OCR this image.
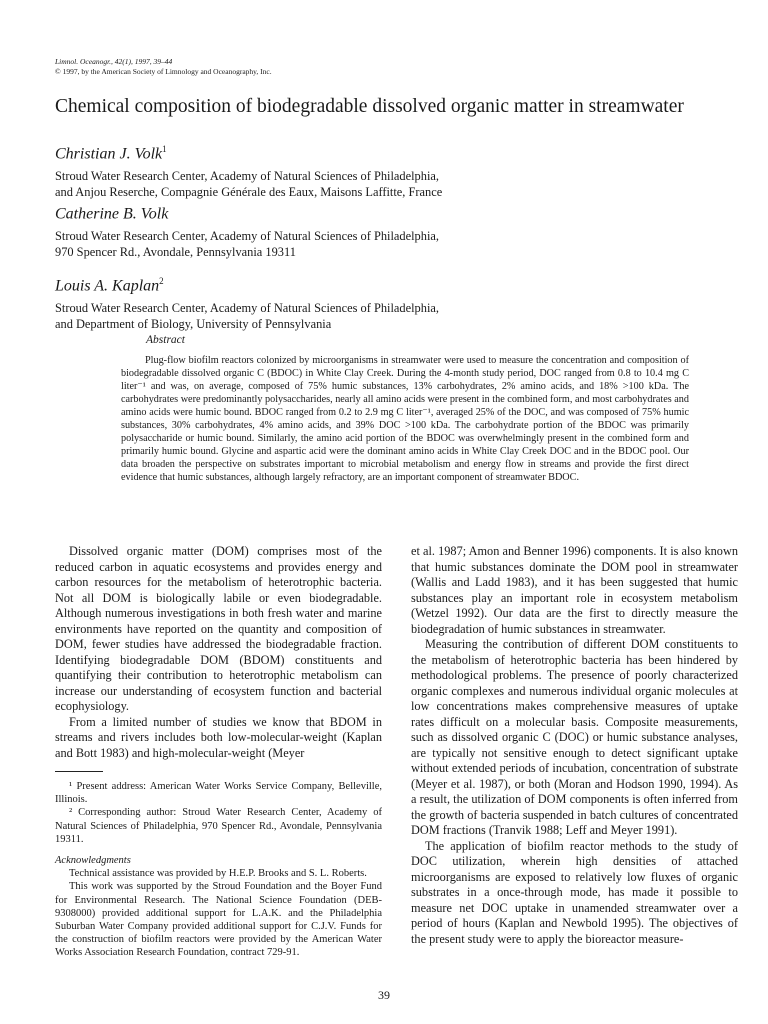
Limnol. Oceanogr., 42(1), 1997, 39–44
© 1997, by the American Society of Limnology and Oceanography, Inc.
Chemical composition of biodegradable dissolved organic matter in streamwater
Christian J. Volk$^1$
Stroud Water Research Center, Academy of Natural Sciences of Philadelphia,
and Anjou Reserche, Compagnie Générale des Eaux, Maisons Laffitte, France
Catherine B. Volk
Stroud Water Research Center, Academy of Natural Sciences of Philadelphia,
970 Spencer Rd., Avondale, Pennsylvania 19311
Louis A. Kaplan$^2$
Stroud Water Research Center, Academy of Natural Sciences of Philadelphia,
and Department of Biology, University of Pennsylvania
Abstract

Plug-flow biofilm reactors colonized by microorganisms in streamwater were used to measure the concentration and composition of biodegradable dissolved organic C (BDOC) in White Clay Creek. During the 4-month study period, DOC ranged from 0.8 to 10.4 mg C liter⁻¹ and was, on average, composed of 75% humic substances, 13% carbohydrates, 2% amino acids, and 18% >100 kDa. The carbohydrates were predominantly polysaccharides, nearly all amino acids were present in the combined form, and most carbohydrates and amino acids were humic bound. BDOC ranged from 0.2 to 2.9 mg C liter⁻¹, averaged 25% of the DOC, and was composed of 75% humic substances, 30% carbohydrates, 4% amino acids, and 39% DOC >100 kDa. The carbohydrate portion of the BDOC was primarily polysaccharide or humic bound. Similarly, the amino acid portion of the BDOC was overwhelmingly present in the combined form and primarily humic bound. Glycine and aspartic acid were the dominant amino acids in White Clay Creek DOC and in the BDOC pool. Our data broaden the perspective on substrates important to microbial metabolism and energy flow in streams and provide the first direct evidence that humic substances, although largely refractory, are an important component of streamwater BDOC.

Dissolved organic matter (DOM) comprises most of the reduced carbon in aquatic ecosystems and provides energy and carbon resources for the metabolism of heterotrophic bacteria. Not all DOM is biologically labile or even biodegradable. Although numerous investigations in both fresh water and marine environments have reported on the quantity and composition of DOM, fewer studies have addressed the biodegradable fraction. Identifying biodegradable DOM (BDOM) constituents and quantifying their contribution to heterotrophic metabolism can increase our understanding of ecosystem function and bacterial ecophysiology.

From a limited number of studies we know that BDOM in streams and rivers includes both low-molecular-weight (Kaplan and Bott 1983) and high-molecular-weight (Meyer

¹ Present address: American Water Works Service Company, Belleville, Illinois.

² Corresponding author: Stroud Water Research Center, Academy of Natural Sciences of Philadelphia, 970 Spencer Rd., Avondale, Pennsylvania 19311.

Acknowledgments

Technical assistance was provided by H.E.P. Brooks and S. L. Roberts.

This work was supported by the Stroud Foundation and the Boyer Fund for Environmental Research. The National Science Foundation (DEB-9308000) provided additional support for L.A.K. and the Philadelphia Suburban Water Company provided additional support for C.J.V. Funds for the construction of biofilm reactors were provided by the American Water Works Association Research Foundation, contract 729-91.

et al. 1987; Amon and Benner 1996) components. It is also known that humic substances dominate the DOM pool in streamwater (Wallis and Ladd 1983), and it has been suggested that humic substances play an important role in ecosystem metabolism (Wetzel 1992). Our data are the first to directly measure the biodegradation of humic substances in streamwater.

Measuring the contribution of different DOM constituents to the metabolism of heterotrophic bacteria has been hindered by methodological problems. The presence of poorly characterized organic complexes and numerous individual organic molecules at low concentrations makes comprehensive measures of uptake rates difficult on a molecular basis. Composite measurements, such as dissolved organic C (DOC) or humic substance analyses, are typically not sensitive enough to detect significant uptake without extended periods of incubation, concentration of substrate (Meyer et al. 1987), or both (Moran and Hodson 1990, 1994). As a result, the utilization of DOM components is often inferred from the growth of bacteria suspended in batch cultures of concentrated DOM fractions (Tranvik 1988; Leff and Meyer 1991).

The application of biofilm reactor methods to the study of DOC utilization, wherein high densities of attached microorganisms are exposed to relatively low fluxes of organic substrates in a once-through mode, has made it possible to measure net DOC uptake in unamended streamwater over a period of hours (Kaplan and Newbold 1995). The objectives of the present study were to apply the bioreactor measure-

39
